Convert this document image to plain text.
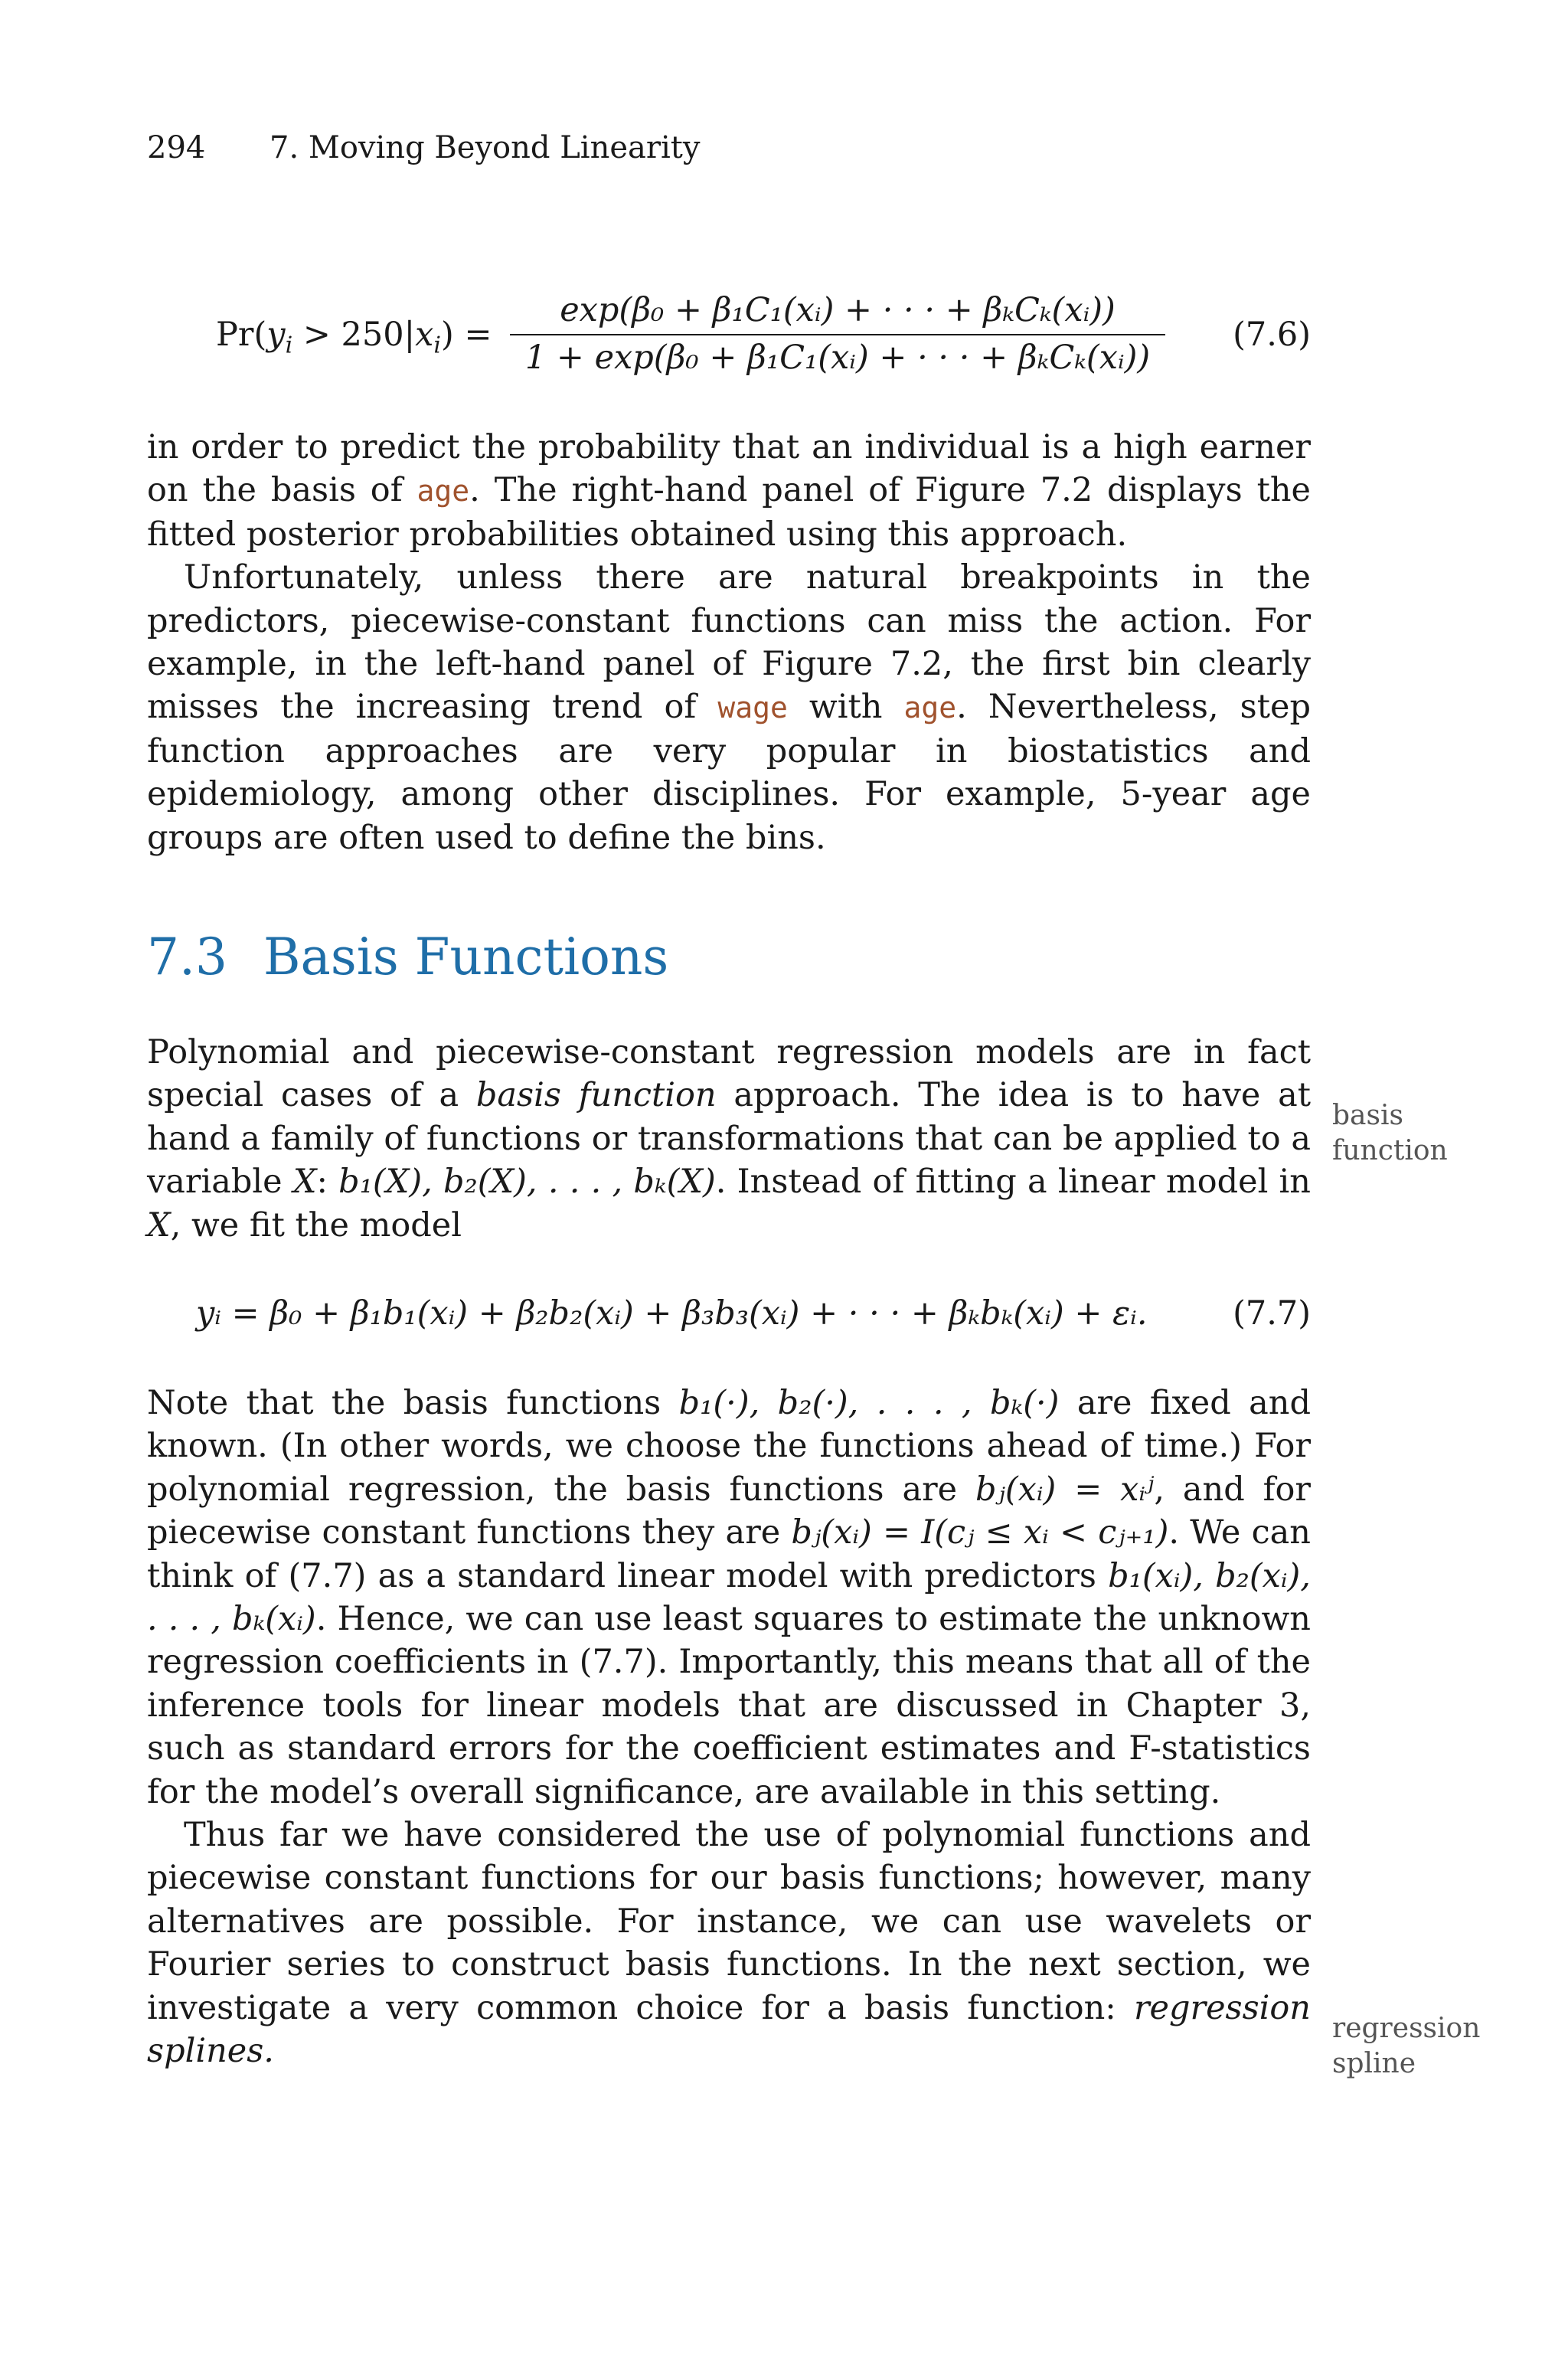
294 7. Moving Beyond Linearity
$Pr(y_i > 250|x_i)$ =
exp(β₀ + β₁C₁(xᵢ) + · · · + βₖCₖ(xᵢ))
1 + exp(β₀ + β₁C₁(xᵢ) + · · · + βₖCₖ(xᵢ))
(7.6)

in order to predict the probability that an individual is a high earner on the basis of age. The right-hand panel of Figure 7.2 displays the fitted posterior probabilities obtained using this approach.

Unfortunately, unless there are natural breakpoints in the predictors, piecewise-constant functions can miss the action. For example, in the left-hand panel of Figure 7.2, the first bin clearly misses the increasing trend of wage with age. Nevertheless, step function approaches are very popular in biostatistics and epidemiology, among other disciplines. For example, 5-year age groups are often used to define the bins.

7.3 Basis Functions

Polynomial and piecewise-constant regression models are in fact special cases of a basis function approach. The idea is to have at hand a family of functions or transformations that can be applied to a variable X: b₁(X), b₂(X), . . . , bₖ(X). Instead of fitting a linear model in X, we fit the model

basis
function
yᵢ = β₀ + β₁b₁(xᵢ) + β₂b₂(xᵢ) + β₃b₃(xᵢ) + · · · + βₖbₖ(xᵢ) + εᵢ.	(7.7)

Note that the basis functions b₁(·), b₂(·), . . . , bₖ(·) are fixed and known. (In other words, we choose the functions ahead of time.) For polynomial regression, the basis functions are bⱼ(xᵢ) = xᵢʲ, and for piecewise constant functions they are bⱼ(xᵢ) = I(cⱼ ≤ xᵢ < cⱼ₊₁). We can think of (7.7) as a standard linear model with predictors b₁(xᵢ), b₂(xᵢ), . . . , bₖ(xᵢ). Hence, we can use least squares to estimate the unknown regression coefficients in (7.7). Importantly, this means that all of the inference tools for linear models that are discussed in Chapter 3, such as standard errors for the coefficient estimates and F-statistics for the model’s overall significance, are available in this setting.

Thus far we have considered the use of polynomial functions and piecewise constant functions for our basis functions; however, many alternatives are possible. For instance, we can use wavelets or Fourier series to construct basis functions. In the next section, we investigate a very common choice for a basis function: regression splines.

regression
spline
